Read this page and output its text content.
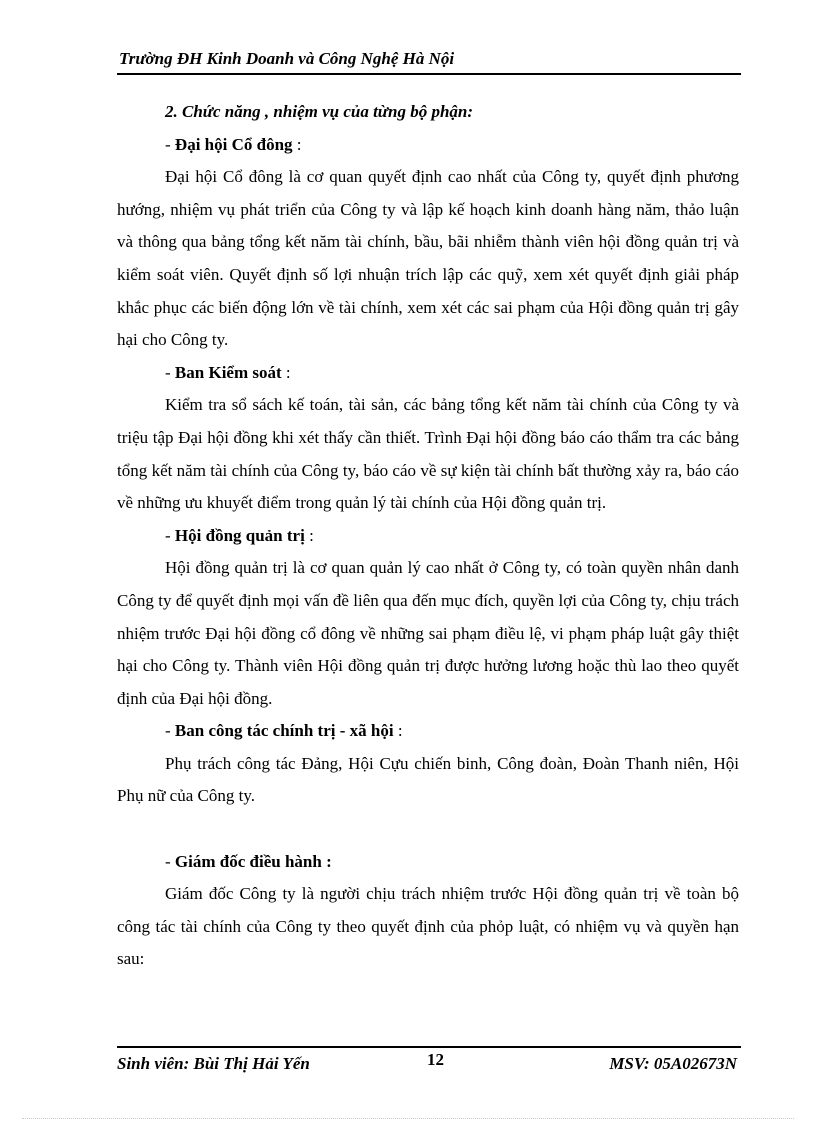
Trường ĐH Kinh Doanh và Công Nghệ Hà Nội

2. Chức năng , nhiệm vụ của từng bộ phận:

- Đại hội Cổ đông :

Đại hội Cổ đông là cơ quan quyết định cao nhất của Công ty, quyết định phương hướng, nhiệm vụ phát triển của Công ty và lập kế hoạch kinh doanh hàng năm, thảo luận và thông qua bảng tổng kết năm tài chính, bầu, bãi nhiễm thành viên hội đồng quản trị và kiểm soát viên. Quyết định số lợi nhuận trích lập các quỹ, xem xét quyết định giải pháp khắc phục các biến động lớn về tài chính, xem xét các sai phạm của Hội đồng quản trị gây hại cho Công ty.

- Ban Kiểm soát :

Kiểm tra sổ sách kế toán, tài sản, các bảng tổng kết năm tài chính của Công ty và triệu tập Đại hội đồng khi xét thấy cần thiết. Trình Đại hội đồng báo cáo thẩm tra các bảng tổng kết năm tài chính của Công ty, báo cáo về sự kiện tài chính bất thường xảy ra, báo cáo về những ưu khuyết điểm trong quản lý tài chính của Hội đồng quản trị.

- Hội đồng quản trị :

Hội đồng quản trị là cơ quan quản lý cao nhất ở Công ty, có toàn quyền nhân danh Công ty để quyết định mọi vấn đề liên qua đến mục đích, quyền lợi của Công ty, chịu trách nhiệm trước Đại hội đồng cổ đông về những sai phạm điều lệ, vi phạm pháp luật gây thiệt hại cho Công ty. Thành viên Hội đồng quản trị được hưởng lương hoặc thù lao theo quyết định của Đại hội đồng.

- Ban công tác chính trị - xã hội :

Phụ trách công tác Đảng, Hội Cựu chiến binh, Công đoàn, Đoàn Thanh niên, Hội Phụ nữ của Công ty.

- Giám đốc điều hành :

Giám đốc Công ty là người chịu trách nhiệm trước Hội đồng quản trị về toàn bộ công tác tài chính của Công ty theo quyết định của phỏp luật, có nhiệm vụ và quyền hạn sau:

Sinh viên: Bùi Thị Hải Yến	12	MSV: 05A02673N
